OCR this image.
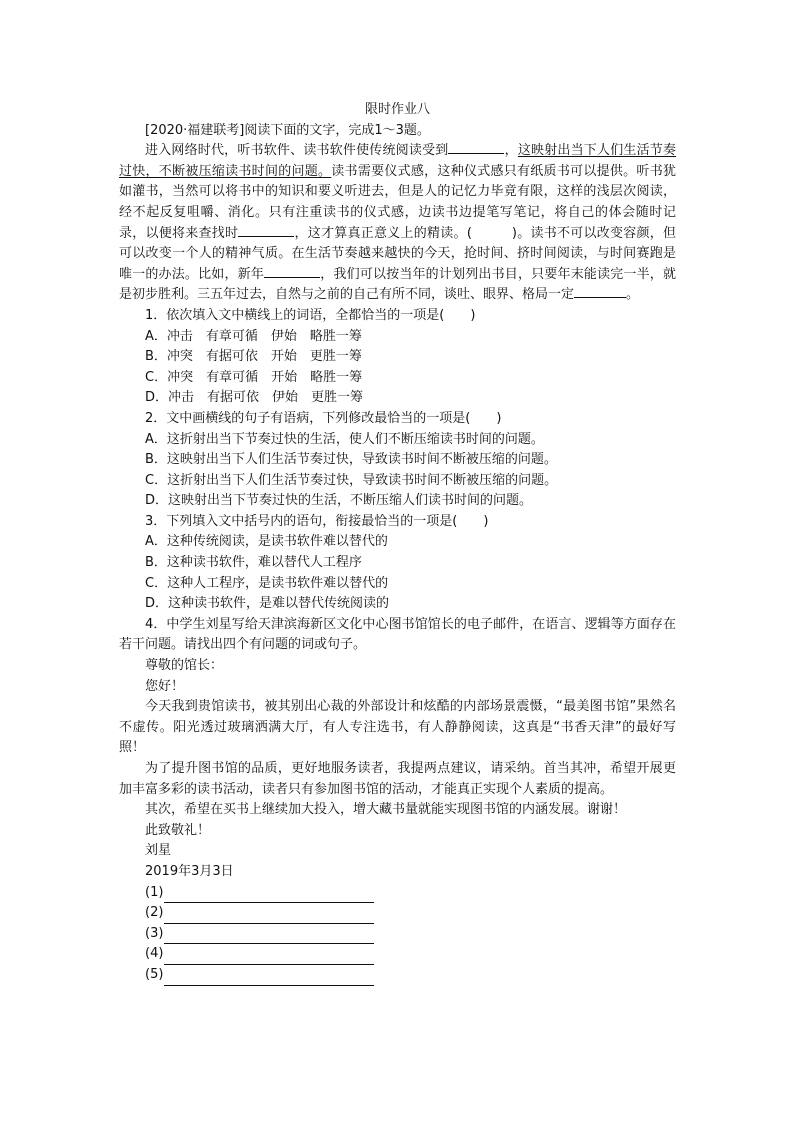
限时作业八

[2020·福建联考]阅读下面的文字，完成1～3题。

进入网络时代，听书软件、读书软件使传统阅读受到	，这映射出当下人们生活节奏过快，不断被压缩读书时间的问题。读书需要仪式感，这种仪式感只有纸质书可以提供。听书犹如灌书，当然可以将书中的知识和要义听进去，但是人的记忆力毕竟有限，这样的浅层次阅读，经不起反复咀嚼、消化。只有注重读书的仪式感，边读书边提笔写笔记，将自己的体会随时记录，以便将来查找时	，这才算真正意义上的精读。(	)。读书不可以改变容颜，但可以改变一个人的精神气质。在生活节奏越来越快的今天，抢时间、挤时间阅读，与时间赛跑是唯一的办法。比如，新年	，我们可以按当年的计划列出书目，只要年末能读完一半，就是初步胜利。三五年过去，自然与之前的自己有所不同，谈吐、眼界、格局一定	。

1．依次填入文中横线上的词语，全都恰当的一项是(　　)

A．冲击　有章可循　伊始　略胜一筹

B．冲突　有据可依　开始　更胜一筹

C．冲突　有章可循　开始　略胜一筹

D．冲击　有据可依　伊始　更胜一筹

2．文中画横线的句子有语病，下列修改最恰当的一项是(　　)

A．这折射出当下节奏过快的生活，使人们不断压缩读书时间的问题。

B．这映射出当下人们生活节奏过快，导致读书时间不断被压缩的问题。

C．这折射出当下人们生活节奏过快，导致读书时间不断被压缩的问题。

D．这映射出当下节奏过快的生活，不断压缩人们读书时间的问题。

3．下列填入文中括号内的语句，衔接最恰当的一项是(　　)

A．这种传统阅读，是读书软件难以替代的

B．这种读书软件，难以替代人工程序

C．这种人工程序，是读书软件难以替代的

D．这种读书软件，是难以替代传统阅读的

4．中学生刘星写给天津滨海新区文化中心图书馆馆长的电子邮件，在语言、逻辑等方面存在若干问题。请找出四个有问题的词或句子。

尊敬的馆长：

您好！

今天我到贵馆读书，被其别出心裁的外部设计和炫酷的内部场景震慑，“最美图书馆”果然名不虚传。阳光透过玻璃洒满大厅，有人专注选书，有人静静阅读，这真是“书香天津”的最好写照！

为了提升图书馆的品质，更好地服务读者，我提两点建议，请采纳。首当其冲，希望开展更加丰富多彩的读书活动，读者只有参加图书馆的活动，才能真正实现个人素质的提高。

其次，希望在买书上继续加大投入，增大藏书量就能实现图书馆的内涵发展。谢谢！

此致敬礼！

刘星

2019年3月3日

(1)
(2)
(3)
(4)
(5)
